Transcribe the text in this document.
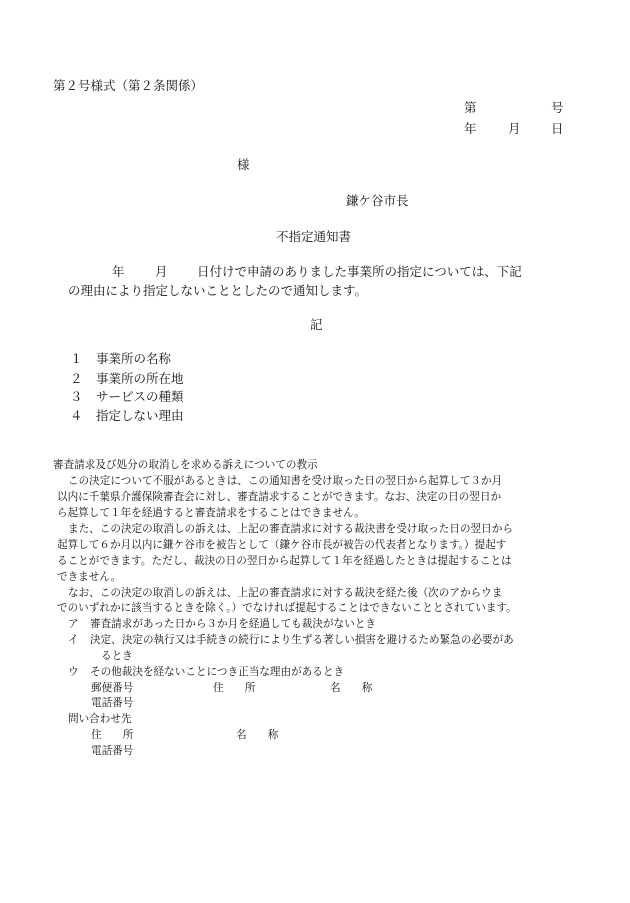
第２号様式（第２条関係）
第	号
年	月 日
様
鎌ケ谷市長
不指定通知書
年 月 日付けで申請のありました事業所の指定については、下記
の理由により指定しないこととしたので通知します。
記
１ 事業所の名称
２ 事業所の所在地
３ サービスの種類
４ 指定しない理由
審査請求及び処分の取消しを求める訴えについての教示
この決定について不服があるときは、この通知書を受け取った日の翌日から起算して３か月
以内に千葉県介護保険審査会に対し、審査請求することができます。なお、決定の日の翌日か
ら起算して１年を経過すると審査請求をすることはできません。
また、この決定の取消しの訴えは、上記の審査請求に対する裁決書を受け取った日の翌日から
起算して６か月以内に鎌ケ谷市を被告として（鎌ケ谷市長が被告の代表者となります。）提起す
ることができます。ただし、裁決の日の翌日から起算して１年を経過したときは提起することは
できません。
なお、この決定の取消しの訴えは、上記の審査請求に対する裁決を経た後（次のアからウま
でのいずれかに該当するときを除く。）でなければ提起することはできないこととされています。
ア 審査請求があった日から３か月を経過しても裁決がないとき
イ 決定、決定の執行又は手続きの続行により生ずる著しい損害を避けるため緊急の必要があ
るとき
ウ その他裁決を経ないことにつき正当な理由があるとき
郵便番号	住　　所	名　　称
電話番号
問い合わせ先
住　　所	名　　称
電話番号
